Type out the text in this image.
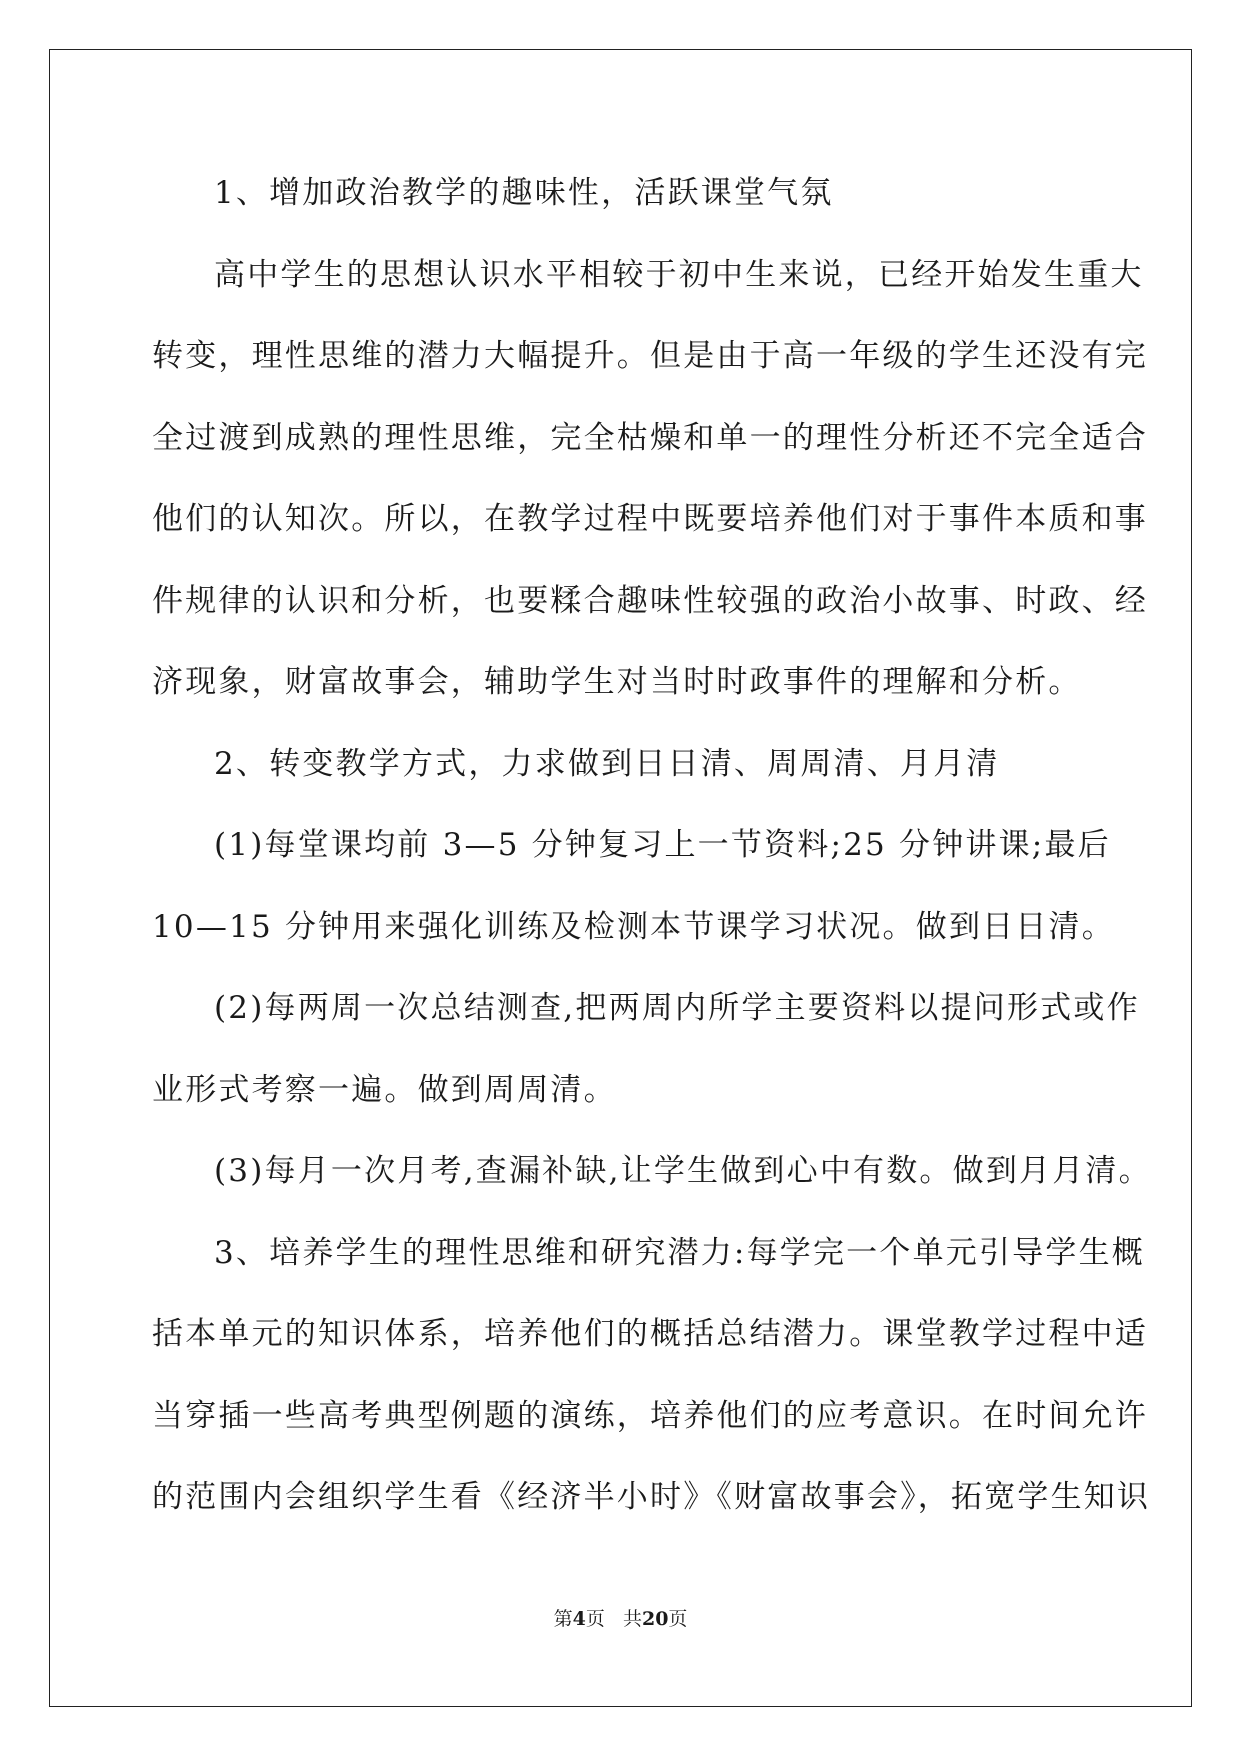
1、增加政治教学的趣味性，活跃课堂气氛
高中学生的思想认识水平相较于初中生来说，已经开始发生重大
转变，理性思维的潜力大幅提升。但是由于高一年级的学生还没有完
全过渡到成熟的理性思维，完全枯燥和单一的理性分析还不完全适合
他们的认知次。所以，在教学过程中既要培养他们对于事件本质和事
件规律的认识和分析，也要糅合趣味性较强的政治小故事、时政、经
济现象，财富故事会，辅助学生对当时时政事件的理解和分析。
2、转变教学方式，力求做到日日清、周周清、月月清
(1)每堂课均前 3—5 分钟复习上一节资料;25 分钟讲课;最后
10—15 分钟用来强化训练及检测本节课学习状况。做到日日清。
(2)每两周一次总结测查,把两周内所学主要资料以提问形式或作
业形式考察一遍。做到周周清。
(3)每月一次月考,查漏补缺,让学生做到心中有数。做到月月清。
3、培养学生的理性思维和研究潜力:每学完一个单元引导学生概
括本单元的知识体系，培养他们的概括总结潜力。课堂教学过程中适
当穿插一些高考典型例题的演练，培养他们的应考意识。在时间允许
的范围内会组织学生看《经济半小时》《财富故事会》，拓宽学生知识
第4页 共20页
